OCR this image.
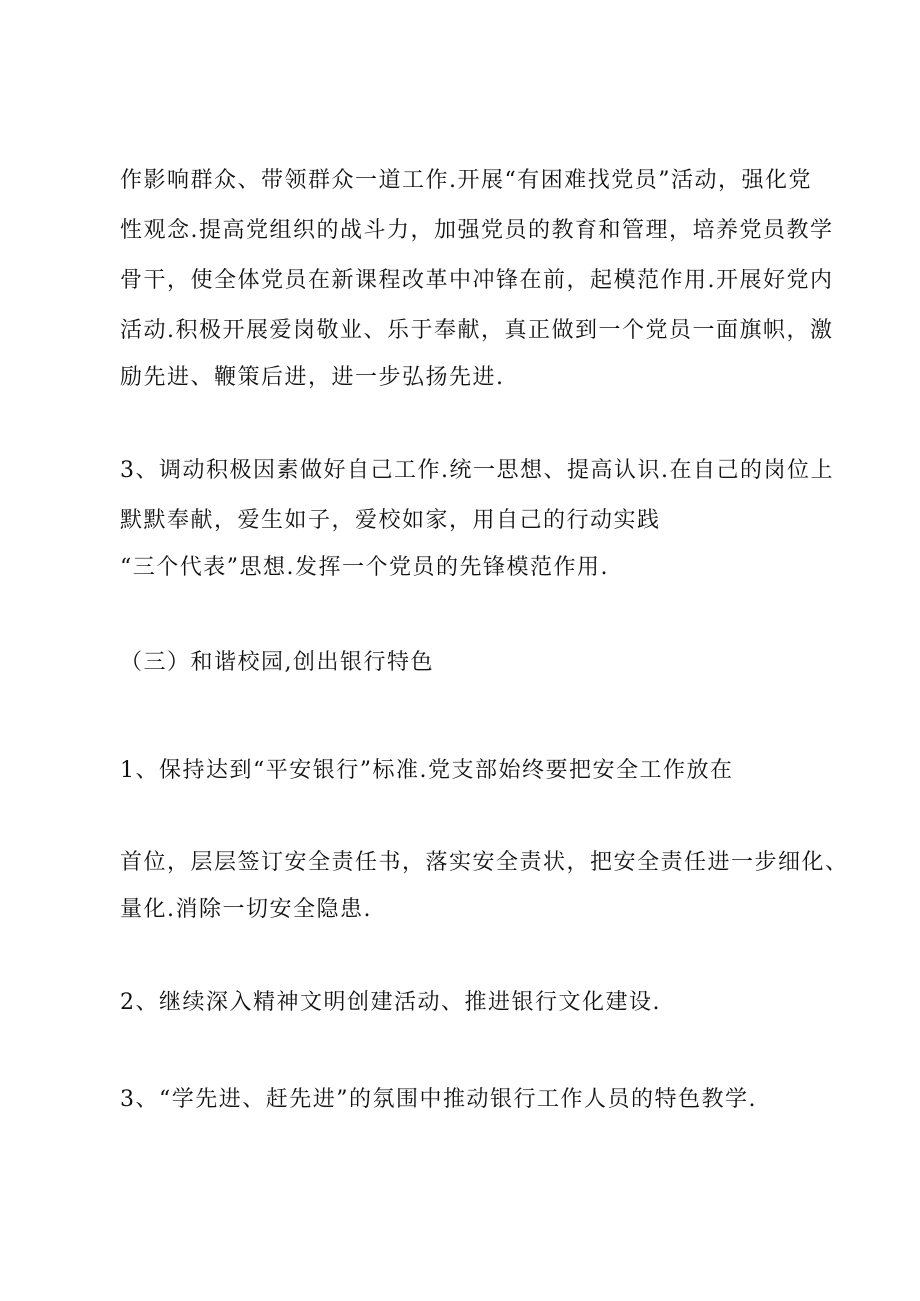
作影响群众、带领群众一道工作.开展“有困难找党员”活动，强化党
性观念.提高党组织的战斗力，加强党员的教育和管理，培养党员教学
骨干，使全体党员在新课程改革中冲锋在前，起模范作用.开展好党内
活动.积极开展爱岗敬业、乐于奉献，真正做到一个党员一面旗帜，激
励先进、鞭策后进，进一步弘扬先进.
3、调动积极因素做好自己工作.统一思想、提高认识.在自己的岗位上
默默奉献，爱生如子，爱校如家，用自己的行动实践
“三个代表”思想.发挥一个党员的先锋模范作用.
（三）和谐校园,创出银行特色
1、保持达到“平安银行”标准.党支部始终要把安全工作放在
首位，层层签订安全责任书，落实安全责状，把安全责任进一步细化、
量化.消除一切安全隐患.
2、继续深入精神文明创建活动、推进银行文化建设.
3、“学先进、赶先进”的氛围中推动银行工作人员的特色教学.
